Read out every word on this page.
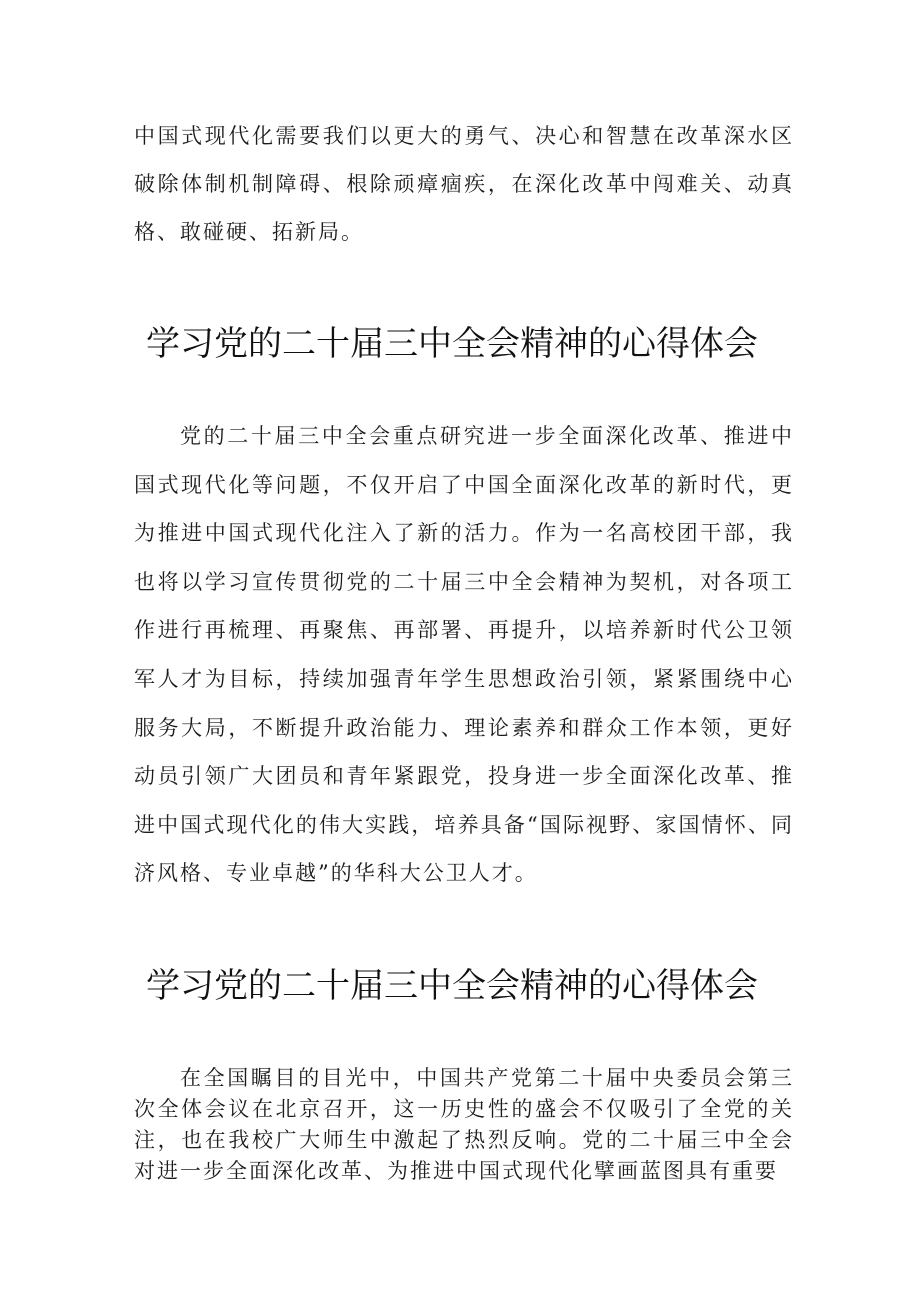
中国式现代化需要我们以更大的勇气、决心和智慧在改革深水区破除体制机制障碍、根除顽瘴痼疾，在深化改革中闯难关、动真格、敢碰硬、拓新局。

学习党的二十届三中全会精神的心得体会

党的二十届三中全会重点研究进一步全面深化改革、推进中国式现代化等问题，不仅开启了中国全面深化改革的新时代，更为推进中国式现代化注入了新的活力。作为一名高校团干部，我也将以学习宣传贯彻党的二十届三中全会精神为契机，对各项工作进行再梳理、再聚焦、再部署、再提升，以培养新时代公卫领军人才为目标，持续加强青年学生思想政治引领，紧紧围绕中心服务大局，不断提升政治能力、理论素养和群众工作本领，更好动员引领广大团员和青年紧跟党，投身进一步全面深化改革、推进中国式现代化的伟大实践，培养具备“国际视野、家国情怀、同济风格、专业卓越”的华科大公卫人才。

学习党的二十届三中全会精神的心得体会

在全国瞩目的目光中，中国共产党第二十届中央委员会第三次全体会议在北京召开，这一历史性的盛会不仅吸引了全党的关注，也在我校广大师生中激起了热烈反响。党的二十届三中全会对进一步全面深化改革、为推进中国式现代化擘画蓝图具有重要
